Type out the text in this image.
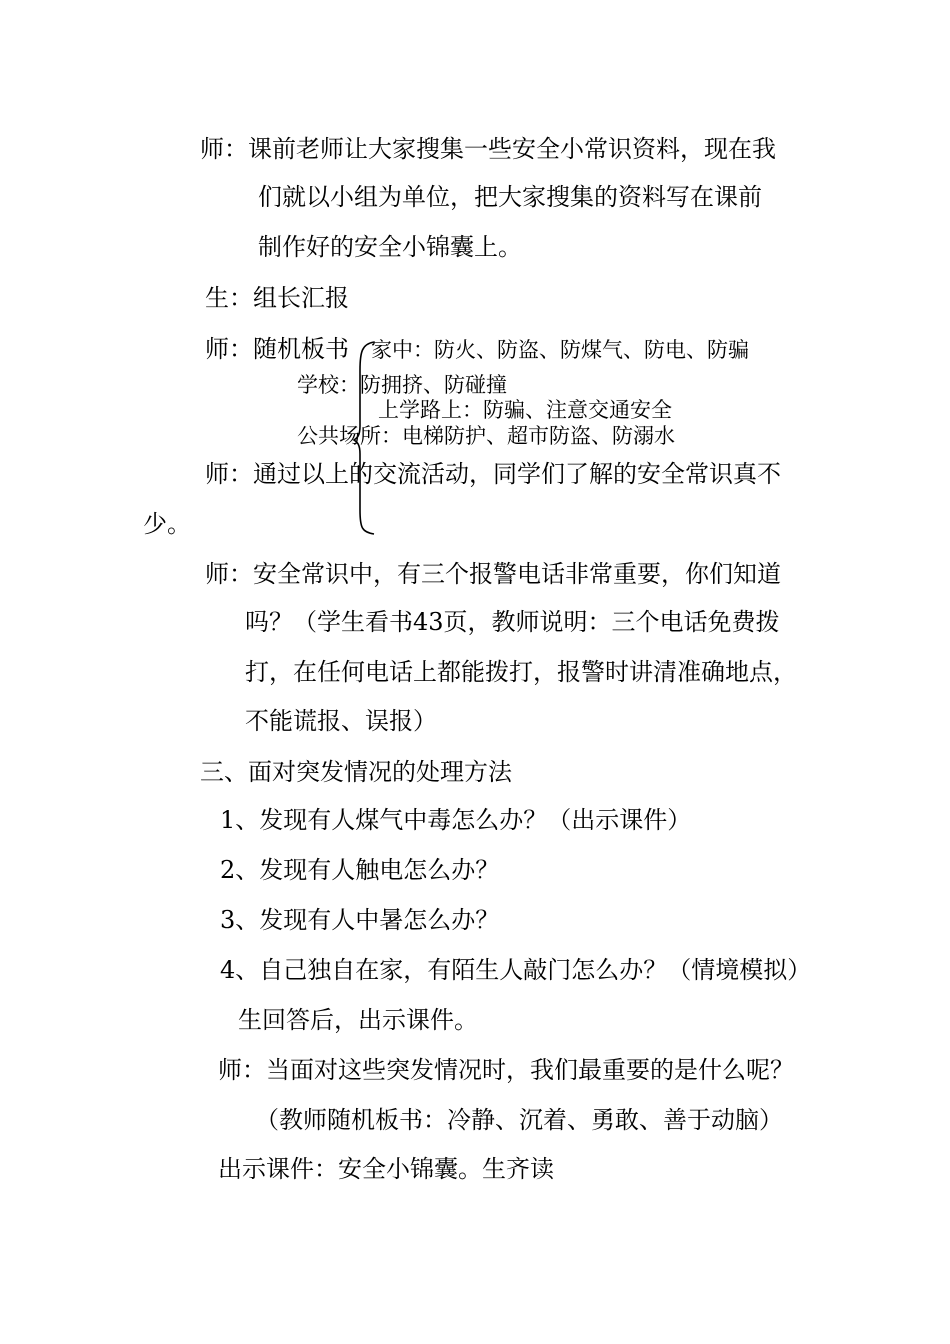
师：课前老师让大家搜集一些安全小常识资料，现在我
们就以小组为单位，把大家搜集的资料写在课前
制作好的安全小锦囊上。
生：组长汇报
师：随机板书 家中：防火、防盗、防煤气、防电、防骗
学校：防拥挤、防碰撞
上学路上：防骗、注意交通安全
公共场所：电梯防护、超市防盗、防溺水
师：通过以上的交流活动，同学们了解的安全常识真不
少。
师：安全常识中，有三个报警电话非常重要，你们知道
吗？（学生看书43页，教师说明：三个电话免费拨
打，在任何电话上都能拨打，报警时讲清准确地点，
不能谎报、误报）
三、面对突发情况的处理方法
1、发现有人煤气中毒怎么办？（出示课件）
2、发现有人触电怎么办？
3、发现有人中暑怎么办？
4、自己独自在家，有陌生人敲门怎么办？（情境模拟）
生回答后，出示课件。
师：当面对这些突发情况时，我们最重要的是什么呢？
（教师随机板书：冷静、沉着、勇敢、善于动脑）
出示课件：安全小锦囊。生齐读
